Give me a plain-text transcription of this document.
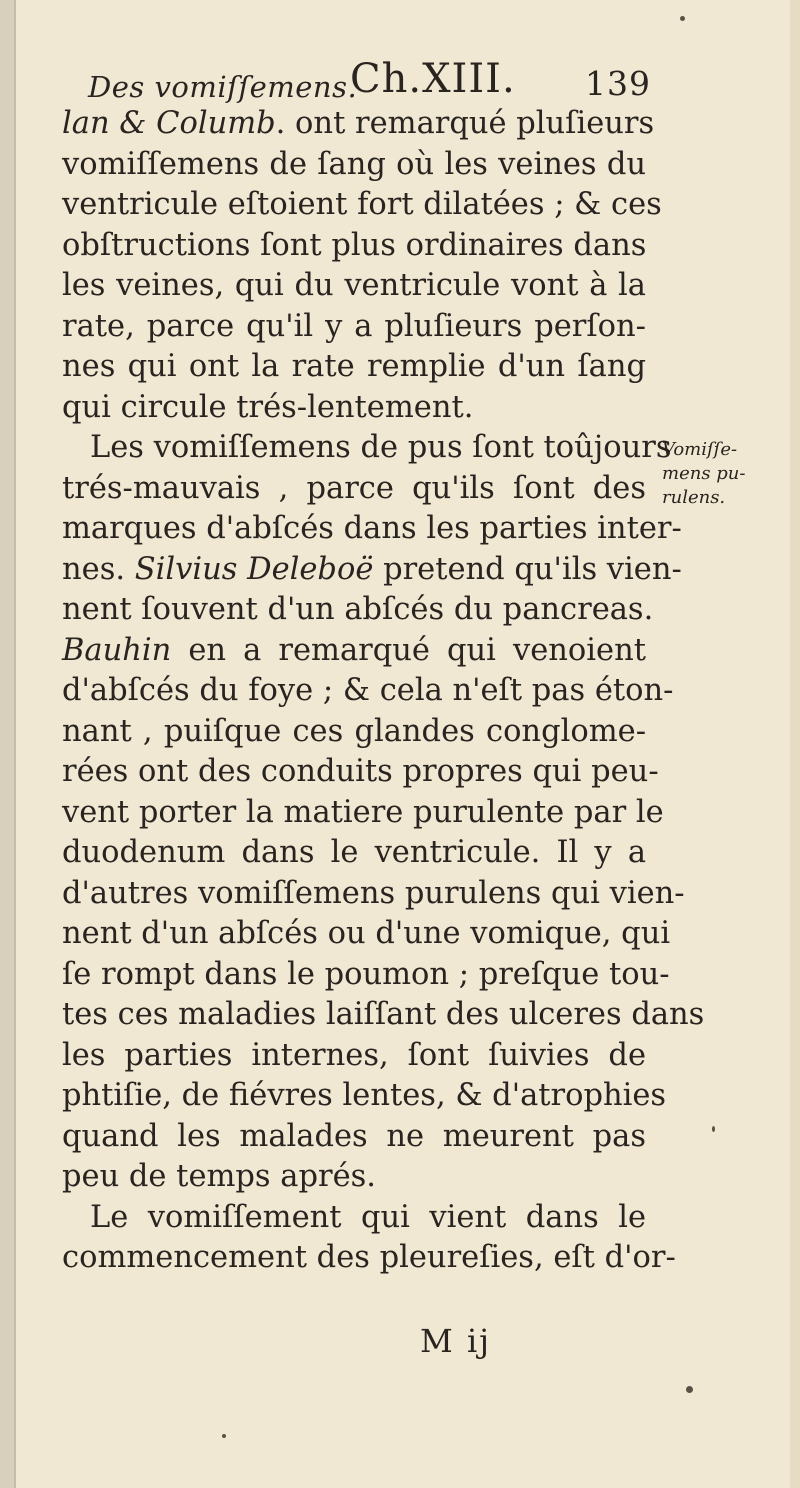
Des vomiſſemens.
Ch.XIII. 139
lan & Columb. ont remarqué pluſieurs
vomiſſemens de ſang où les veines du
ventricule eſtoient fort dilatées ; & ces
obſtructions ſont plus ordinaires dans
les veines, qui du ventricule vont à la
rate, parce qu'il y a pluſieurs perſon-
nes qui ont la rate remplie d'un ſang
qui circule trés-lentement.
Les vomiſſemens de pus ſont toûjours
trés-mauvais , parce qu'ils ſont des
marques d'abſcés dans les parties inter-
nes. Silvius Deleboë pretend qu'ils vien-
nent ſouvent d'un abſcés du pancreas.
Bauhin en a remarqué qui venoient
d'abſcés du foye ; & cela n'eſt pas éton-
nant , puiſque ces glandes conglome-
rées ont des conduits propres qui peu-
vent porter la matiere purulente par le
duodenum dans le ventricule. Il y a
d'autres vomiſſemens purulens qui vien-
nent d'un abſcés ou d'une vomique, qui
ſe rompt dans le poumon ; preſque tou-
tes ces maladies laiſſant des ulceres dans
les parties internes, ſont ſuivies de
phtiſie, de fiévres lentes, & d'atrophies
quand les malades ne meurent pas
peu de temps aprés.
Le vomiſſement qui vient dans le
commencement des pleureſies, eſt d'or-
Vomiſſe-
mens pu-
rulens.
M ij
